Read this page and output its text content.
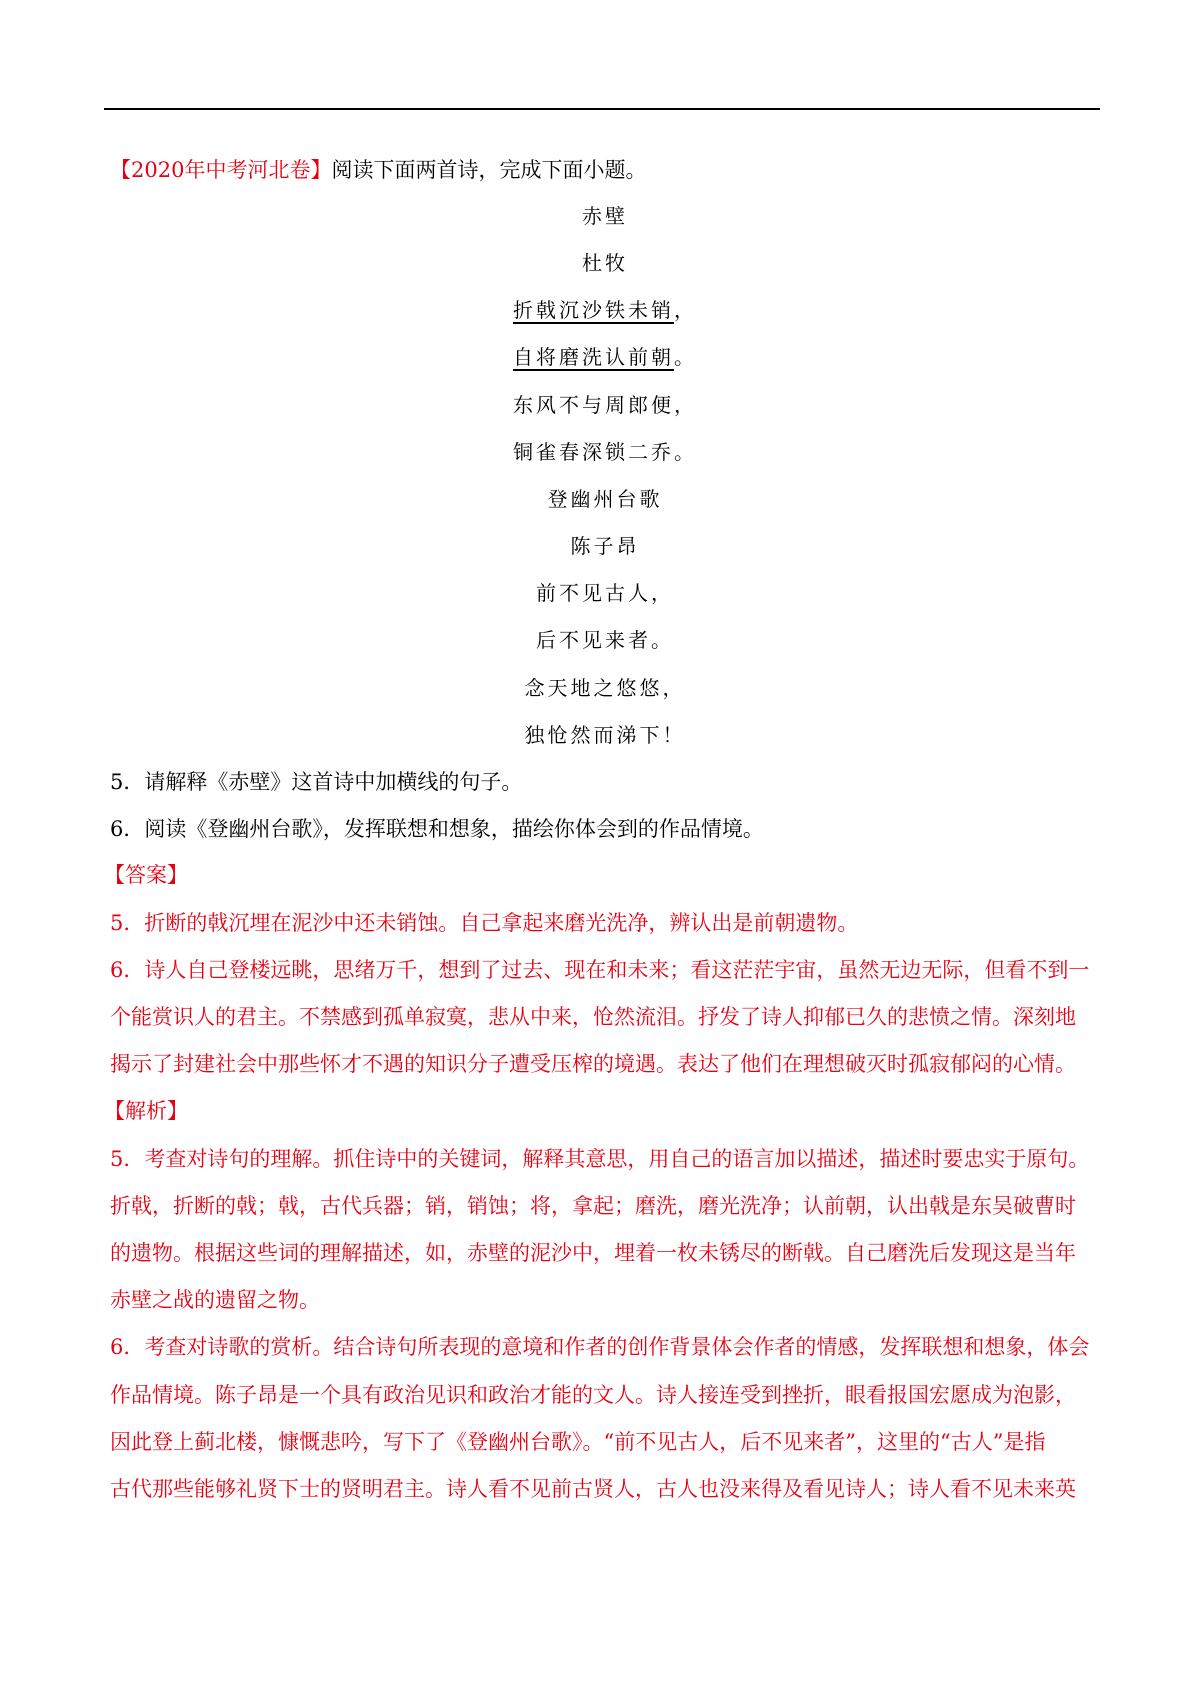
【2020年中考河北卷】阅读下面两首诗，完成下面小题。
赤壁
杜牧
折戟沉沙铁未销，
自将磨洗认前朝。
东风不与周郎便，
铜雀春深锁二乔。
登幽州台歌
陈子昂
前不见古人，
后不见来者。
念天地之悠悠，
独怆然而涕下！
5．请解释《赤壁》这首诗中加横线的句子。
6．阅读《登幽州台歌》，发挥联想和想象，描绘你体会到的作品情境。
【答案】
5．折断的戟沉埋在泥沙中还未销蚀。自己拿起来磨光洗净，辨认出是前朝遗物。
6．诗人自己登楼远眺，思绪万千，想到了过去、现在和未来；看这茫茫宇宙，虽然无边无际，但看不到一
个能赏识人的君主。不禁感到孤单寂寞，悲从中来，怆然流泪。抒发了诗人抑郁已久的悲愤之情。深刻地
揭示了封建社会中那些怀才不遇的知识分子遭受压榨的境遇。表达了他们在理想破灭时孤寂郁闷的心情。
【解析】
5．考查对诗句的理解。抓住诗中的关键词，解释其意思，用自己的语言加以描述，描述时要忠实于原句。
折戟，折断的戟；戟，古代兵器；销，销蚀；将，拿起；磨洗，磨光洗净；认前朝，认出戟是东吴破曹时
的遗物。根据这些词的理解描述，如，赤壁的泥沙中，埋着一枚未锈尽的断戟。自己磨洗后发现这是当年
赤壁之战的遗留之物。
6．考查对诗歌的赏析。结合诗句所表现的意境和作者的创作背景体会作者的情感，发挥联想和想象，体会
作品情境。陈子昂是一个具有政治见识和政治才能的文人。诗人接连受到挫折，眼看报国宏愿成为泡影，
因此登上蓟北楼，慷慨悲吟，写下了《登幽州台歌》。“前不见古人，后不见来者”，这里的“古人”是指
古代那些能够礼贤下士的贤明君主。诗人看不见前古贤人，古人也没来得及看见诗人；诗人看不见未来英
